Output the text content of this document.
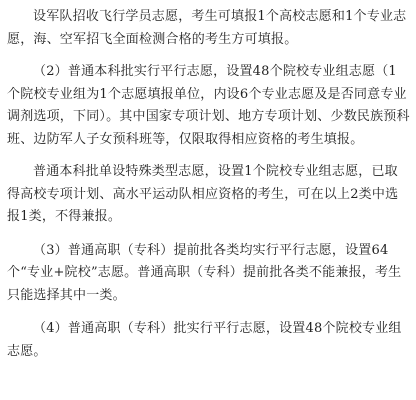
设军队招收飞行学员志愿，考生可填报1个高校志愿和1个专业志愿，海、空军招飞全面检测合格的考生方可填报。

（2）普通本科批实行平行志愿，设置48个院校专业组志愿（1个院校专业组为1个志愿填报单位，内设6个专业志愿及是否同意专业调剂选项，下同）。其中国家专项计划、地方专项计划、少数民族预科班、边防军人子女预科班等，仅限取得相应资格的考生填报。

普通本科批单设特殊类型志愿，设置1个院校专业组志愿，已取得高校专项计划、高水平运动队相应资格的考生，可在以上2类中选报1类，不得兼报。

（3）普通高职（专科）提前批各类均实行平行志愿，设置64个“专业+院校”志愿。普通高职（专科）提前批各类不能兼报，考生只能选择其中一类。

（4）普通高职（专科）批实行平行志愿，设置48个院校专业组志愿。
